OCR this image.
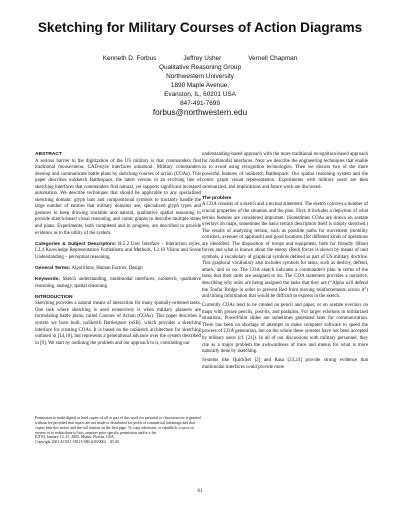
Sketching for Military Courses of Action Diagrams
Kenneth D. Forbus	Jeffrey Usher	Vernell Chapman
Qualitative Reasoning Group
Northwestern University
1890 Maple Avenue,
Evanston, IL, 60201 USA
847-491-7699
forbus@northwestern.edu

ABSTRACT

A serious barrier to the digitization of the US military is that commanders find traditional mouse/menu, CAD-style interfaces unnatural. Military commanders develop and communicate battle plans by sketching courses of action (COAs). This paper describes nuSketch Battlespace, the latest version in an evolving line of sketching interfaces that commanders find natural, yet supports significant increased automation. We describe techniques that should be applicable to any specialized sketching domain: glyph bars and compositional symbols to tractably handle the large number of entities that military domains use, specialized glyph types and gestures to keep drawing tractable and natural, qualitative spatial reasoning to provide sketch-based visual reasoning, and comic graphs to describe multiple states and plans. Experiments, both completed and in progress, are described to provide evidence as to the utility of the system.

Categories & Subject Descriptors: H.5.2 User Interface – Interaction styles, I.2.4 Knowledge Representation Formalisms and Methods, I.2.10 Vision and Scene Understanding – perceptual reasoning,

General Terms: Algorithms, Human Factors, Design

Keywords: Sketch understanding, multimodal interfaces; nuSketch; qualitative reasoning, analogy, spatial reasoning

INTRODUCTION

Sketching provides a natural means of interaction for many spatially-oriented tasks. One task where sketching is used extensively is when military planners are formulating battle plans, called Courses of Action (COAs). This paper describes a system we have built, nuSketch Battlespace (nSB), which provides a sketching interface for creating COAs. It is based on the nuSketch architecture for sketching outlined in [14,18], but represents a generational advance over the system described in [9]. We start by outlining the problem and our approach to it, contrasting our

Permission to make digital or hard copies of all or part of this work for personal or classroom use is granted without fee provided that copies are not made or distributed for profit or commercial advantage and that copies bear this notice and the full citation on the first page. To copy otherwise, or republish, to post on servers or to redistribute to lists, requires prior specific permission and/or a fee.

IUI'03, January 12–15, 2003, Miami, Florida, USA.

Copyright 2003 ACM 1-58113-586-6/03/0001…$5.00.

understanding-based approach with the more traditional recognition-based approach for multimodal interfaces. Next we describe the engineering techniques that enable us to avoid using recognition technologies. Then we discuss two of the more powerful features of nuSketch Battlespace: Our spatial reasoning system and the comic graph visual representation. Experiments with military users are then summarized, and implications and future work are discussed.

The problem

A COA consists of a sketch and a textual statement. The sketch conveys a number of crucial properties of the situation and the plan. First, it includes a depiction of what terrain features are considered important. (Sometimes COAs are drawn on acetate overlays on maps, sometimes the basic terrain description itself is simply sketched.) The results of analyzing terrain, such as possible paths for movement (mobility corridors, avenues of approach) and good locations (for different kinds of operations are identified. The disposition of troops and equipment, both for friendly (Blue) forces and what is known about the enemy (Red) forces is shown by means of unit symbols, a vocabulary of graphical symbols defined as part of US military doctrine. This graphical vocabulary also includes symbols for tasks, such as destroy, defend, attack, and so on. The COA sketch indicates a commander's plan in terms of the tasks that their units are assigned to do. The COA statement provides a narrative, describing why units are being assigned the tasks that they are (“Alpha will defend the Toofar Bridge in order to prevent Red from moving reinforcements across it”) and timing information that would be difficult to express in the sketch.

Currently COAs tend to be created on pencil and paper, or on acetate overlays on maps with grease pencils, post-its, and pushpins. For larger echelons in militarized situations, PowerPoint slides are sometimes generated later for communication. There has been no shortage of attempts to make computer software to speed the process of COA generation, but on the whole these systems have not been accepted by military users (cf. [21]). In all of our discussions with military personnel, they cite as a major problem the awkwardness of mice and menus for what is more naturally done by sketching.

Systems like QuickSet [2] and Rasa [23,24] provide strong evidence that multimodal interfaces could provide more

61
